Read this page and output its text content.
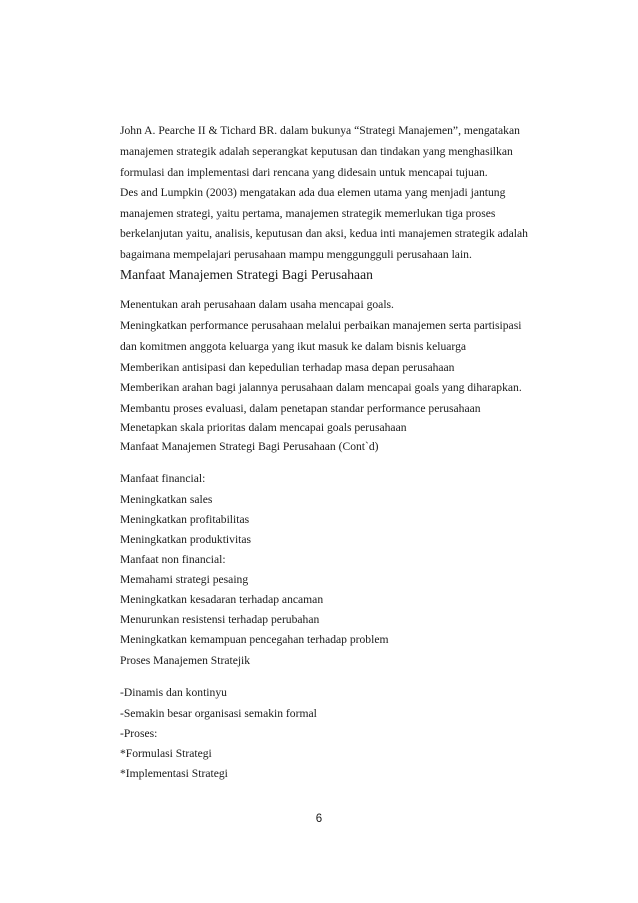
John A. Pearche II & Tichard BR. dalam bukunya “Strategi Manajemen”, mengatakan
manajemen strategik adalah seperangkat keputusan dan tindakan yang menghasilkan
formulasi dan implementasi dari rencana yang didesain untuk mencapai tujuan.
Des and Lumpkin (2003) mengatakan ada dua elemen utama yang menjadi jantung
manajemen strategi, yaitu pertama, manajemen strategik memerlukan tiga proses
berkelanjutan yaitu, analisis, keputusan dan aksi, kedua inti manajemen strategik adalah
bagaimana mempelajari perusahaan mampu menggungguli perusahaan lain.
Manfaat Manajemen Strategi Bagi Perusahaan
Menentukan arah perusahaan dalam usaha mencapai goals.
Meningkatkan performance perusahaan melalui perbaikan manajemen serta partisipasi
dan komitmen anggota keluarga yang ikut masuk ke dalam bisnis keluarga
Memberikan antisipasi dan kepedulian terhadap masa depan perusahaan
Memberikan arahan bagi jalannya perusahaan dalam mencapai goals yang diharapkan.
Membantu proses evaluasi, dalam penetapan standar performance perusahaan
Menetapkan skala prioritas dalam mencapai goals perusahaan
Manfaat Manajemen Strategi Bagi Perusahaan (Cont`d)
Manfaat financial:
Meningkatkan sales
Meningkatkan profitabilitas
Meningkatkan produktivitas
Manfaat non financial:
Memahami strategi pesaing
Meningkatkan kesadaran terhadap ancaman
Menurunkan resistensi terhadap perubahan
Meningkatkan kemampuan pencegahan terhadap problem
Proses Manajemen Stratejik
-Dinamis dan kontinyu
-Semakin besar organisasi semakin formal
-Proses:
*Formulasi Strategi
*Implementasi Strategi
6
